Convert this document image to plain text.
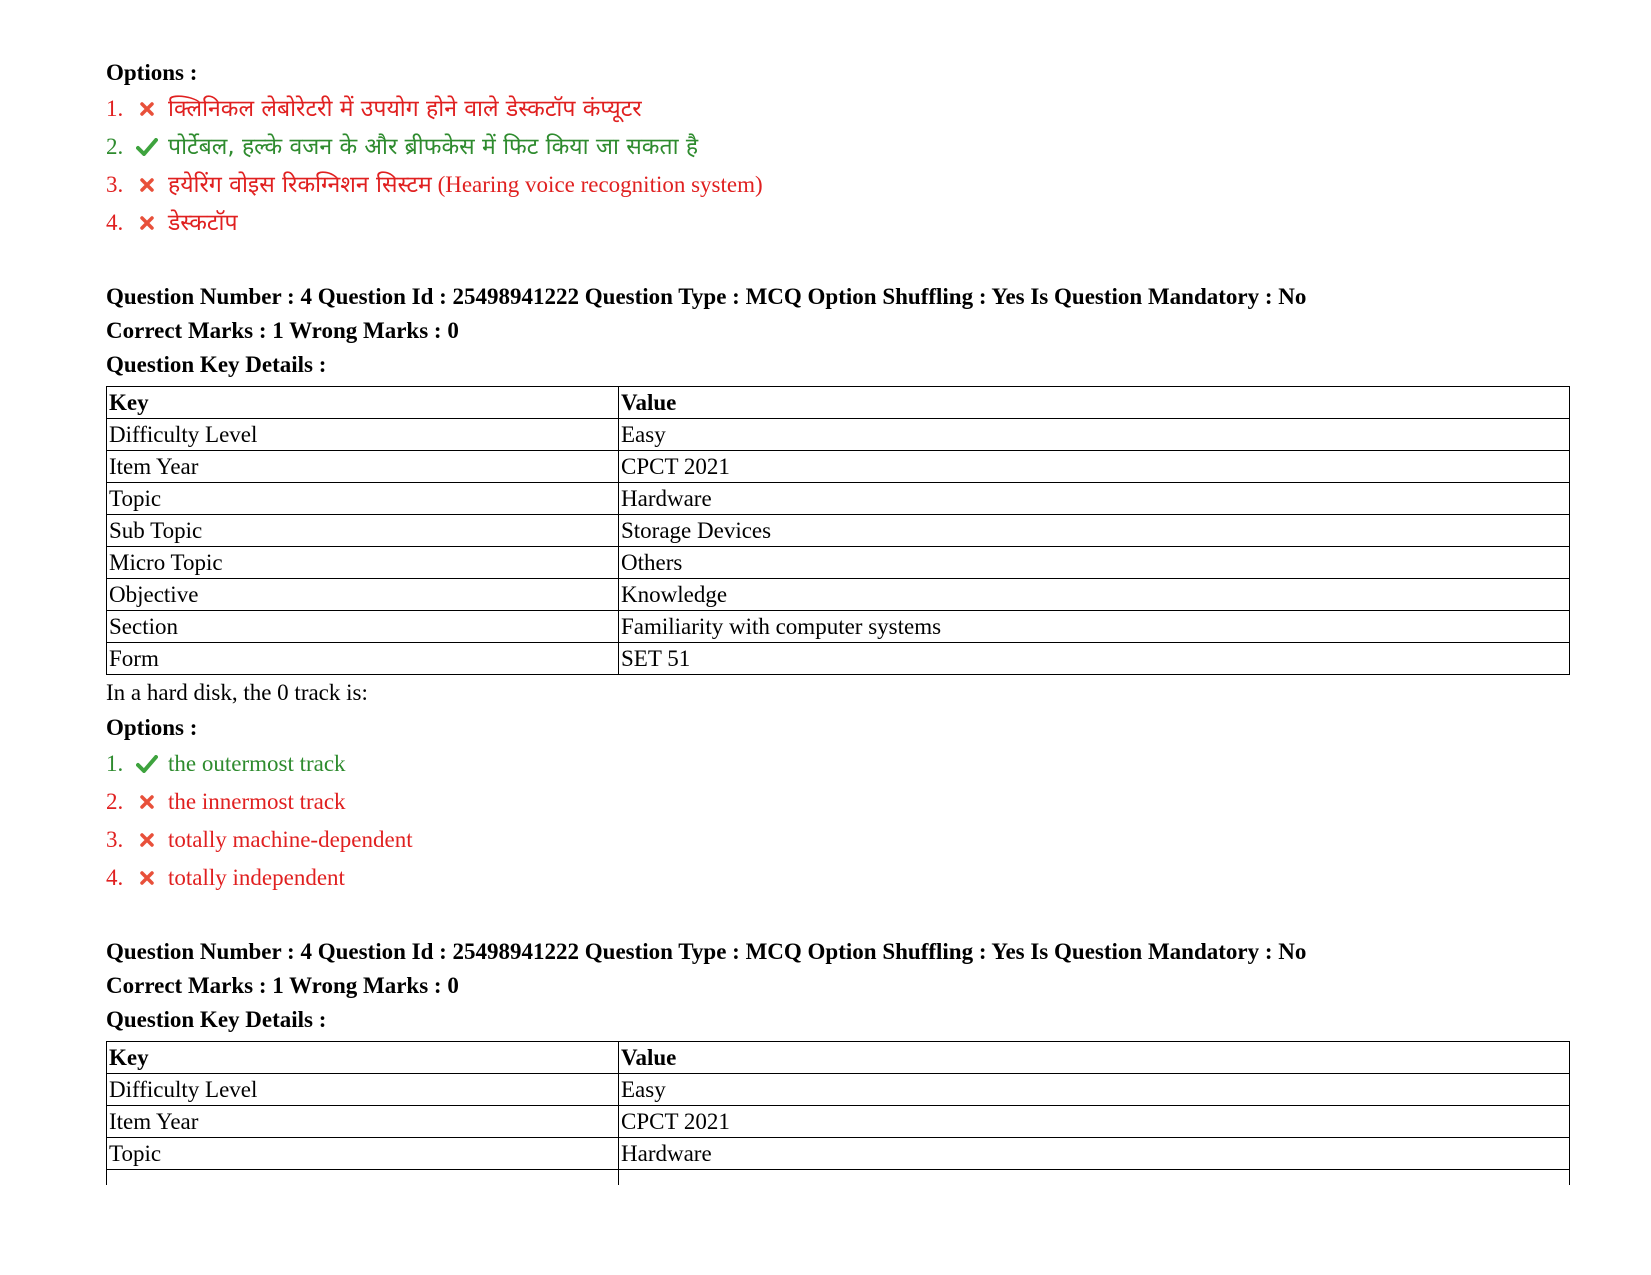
Options :
1.	क्लिनिकल लेबोरेटरी में उपयोग होने वाले डेस्कटॉप कंप्यूटर
2.	पोर्टेबल, हल्के वजन के और ब्रीफकेस में फिट किया जा सकता है
3.	हयेरिंग वोइस रिकग्निशन सिस्टम
(Hearing voice recognition system)
4.	डेस्कटॉप
Question Number : 4 Question Id : 25498941222 Question Type : MCQ Option Shuffling : Yes Is Question Mandatory : No
Correct Marks : 1 Wrong Marks : 0
Question Key Details :
Key	Value
Difficulty Level	Easy
Item Year	CPCT 2021
Topic	Hardware
Sub Topic	Storage Devices
Micro Topic	Others
Objective	Knowledge
Section	Familiarity with computer systems
Form	SET 51
In a hard disk, the 0 track is:
Options :
1.	the outermost track
2.	the innermost track
3.	totally machine-dependent
4.	totally independent
Question Number : 4 Question Id : 25498941222 Question Type : MCQ Option Shuffling : Yes Is Question Mandatory : No
Correct Marks : 1 Wrong Marks : 0
Question Key Details :
Key	Value
Difficulty Level	Easy
Item Year	CPCT 2021
Topic	Hardware
